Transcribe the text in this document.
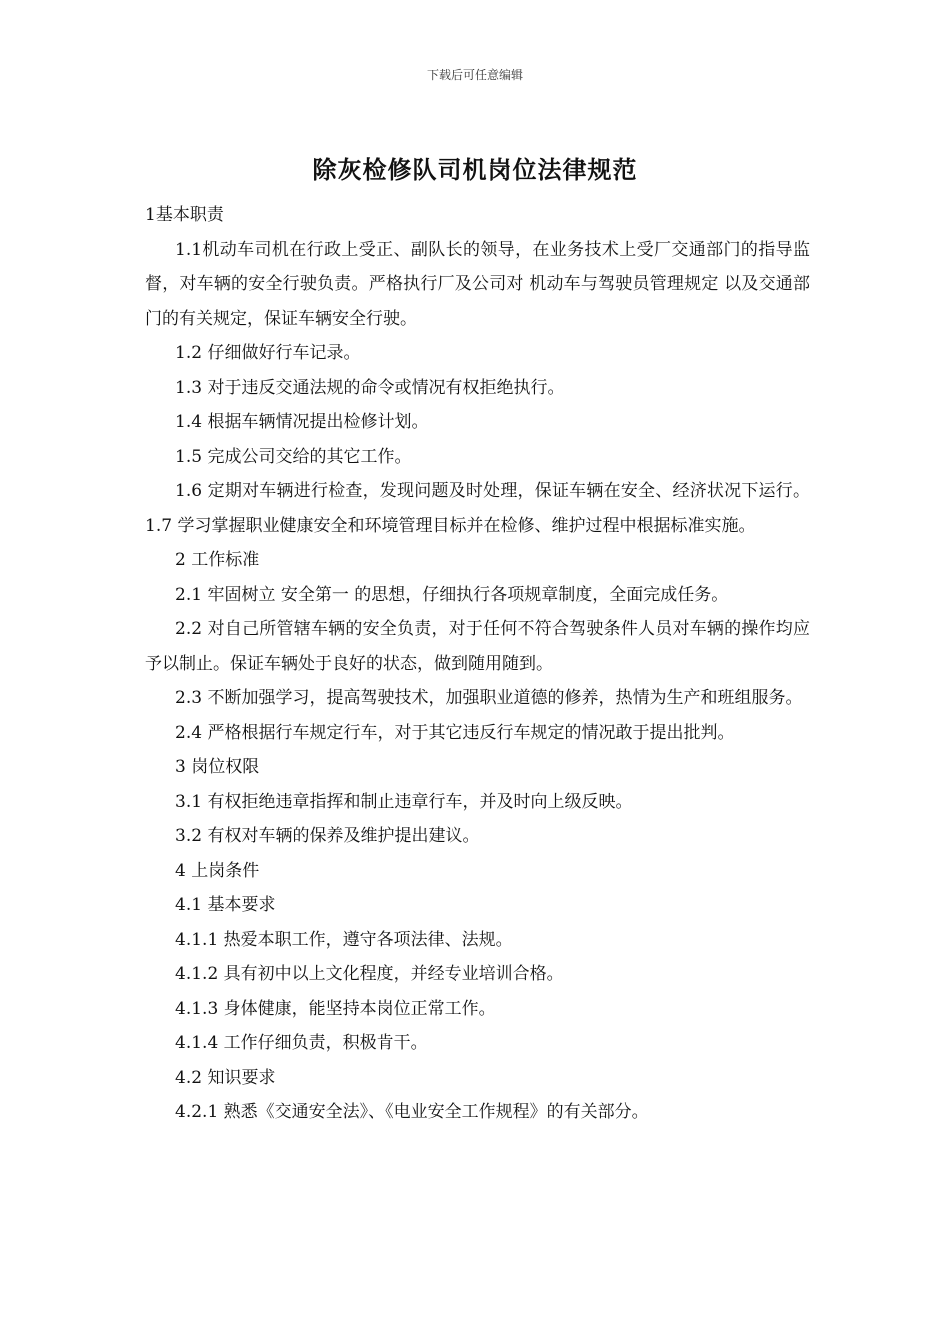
下载后可任意编辑
除灰检修队司机岗位法律规范

1基本职责

1.1机动车司机在行政上受正、副队长的领导，在业务技术上受厂交通部门的指导监督，对车辆的安全行驶负责。严格执行厂及公司对 机动车与驾驶员管理规定 以及交通部门的有关规定，保证车辆安全行驶。

1.2 仔细做好行车记录。

1.3 对于违反交通法规的命令或情况有权拒绝执行。

1.4 根据车辆情况提出检修计划。

1.5 完成公司交给的其它工作。

1.6 定期对车辆进行检查，发现问题及时处理，保证车辆在安全、经济状况下运行。1.7 学习掌握职业健康安全和环境管理目标并在检修、维护过程中根据标准实施。

2 工作标准

2.1 牢固树立 安全第一 的思想，仔细执行各项规章制度，全面完成任务。

2.2 对自己所管辖车辆的安全负责，对于任何不符合驾驶条件人员对车辆的操作均应予以制止。保证车辆处于良好的状态，做到随用随到。

2.3 不断加强学习，提高驾驶技术，加强职业道德的修养，热情为生产和班组服务。

2.4 严格根据行车规定行车，对于其它违反行车规定的情况敢于提出批判。

3 岗位权限

3.1 有权拒绝违章指挥和制止违章行车，并及时向上级反映。

3.2 有权对车辆的保养及维护提出建议。

4 上岗条件

4.1 基本要求

4.1.1 热爱本职工作，遵守各项法律、法规。

4.1.2 具有初中以上文化程度，并经专业培训合格。

4.1.3 身体健康，能坚持本岗位正常工作。

4.1.4 工作仔细负责，积极肯干。

4.2 知识要求

4.2.1 熟悉《交通安全法》、《电业安全工作规程》的有关部分。
